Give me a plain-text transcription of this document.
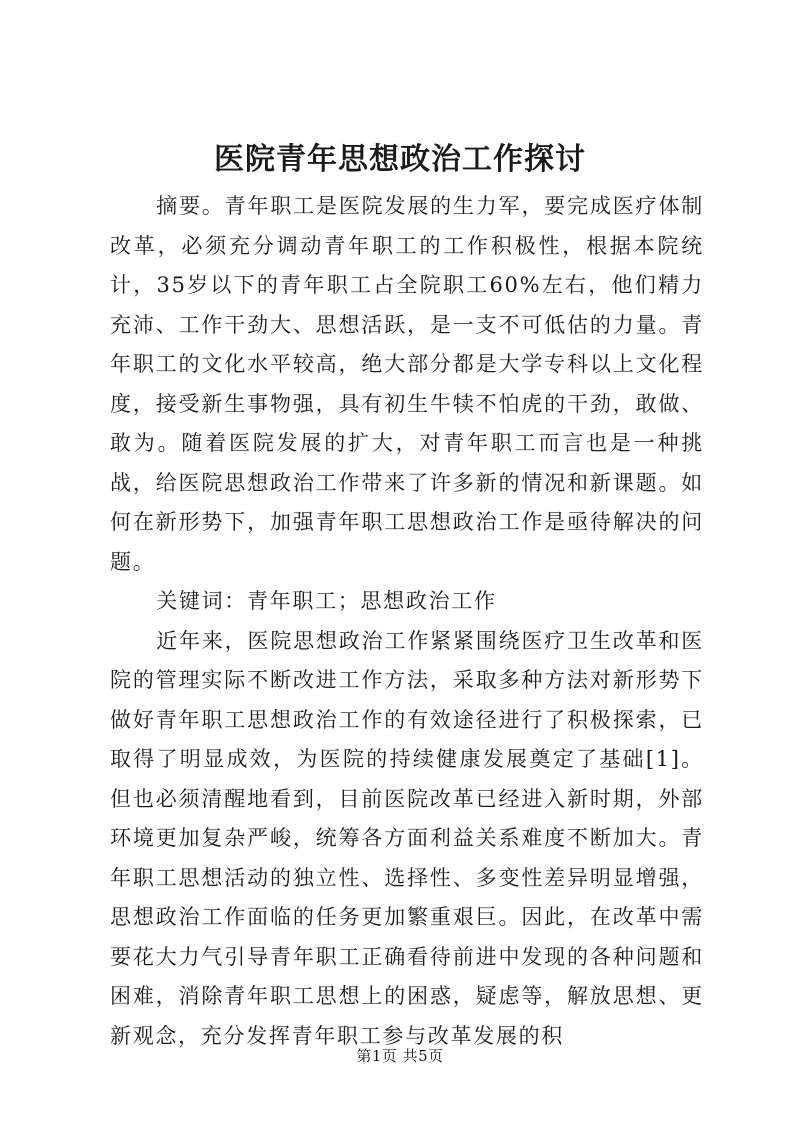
医院青年思想政治工作探讨

摘要。青年职工是医院发展的生力军，要完成医疗体制改革，必须充分调动青年职工的工作积极性，根据本院统计，35岁以下的青年职工占全院职工60%左右，他们精力充沛、工作干劲大、思想活跃，是一支不可低估的力量。青年职工的文化水平较高，绝大部分都是大学专科以上文化程度，接受新生事物强，具有初生牛犊不怕虎的干劲，敢做、敢为。随着医院发展的扩大，对青年职工而言也是一种挑战，给医院思想政治工作带来了许多新的情况和新课题。如何在新形势下，加强青年职工思想政治工作是亟待解决的问题。

关键词：青年职工；思想政治工作

近年来，医院思想政治工作紧紧围绕医疗卫生改革和医院的管理实际不断改进工作方法，采取多种方法对新形势下做好青年职工思想政治工作的有效途径进行了积极探索，已取得了明显成效，为医院的持续健康发展奠定了基础[1]。但也必须清醒地看到，目前医院改革已经进入新时期，外部环境更加复杂严峻，统筹各方面利益关系难度不断加大。青年职工思想活动的独立性、选择性、多变性差异明显增强，思想政治工作面临的任务更加繁重艰巨。因此，在改革中需要花大力气引导青年职工正确看待前进中发现的各种问题和困难，消除青年职工思想上的困惑，疑虑等，解放思想、更新观念，充分发挥青年职工参与改革发展的积

第1页 共5页
